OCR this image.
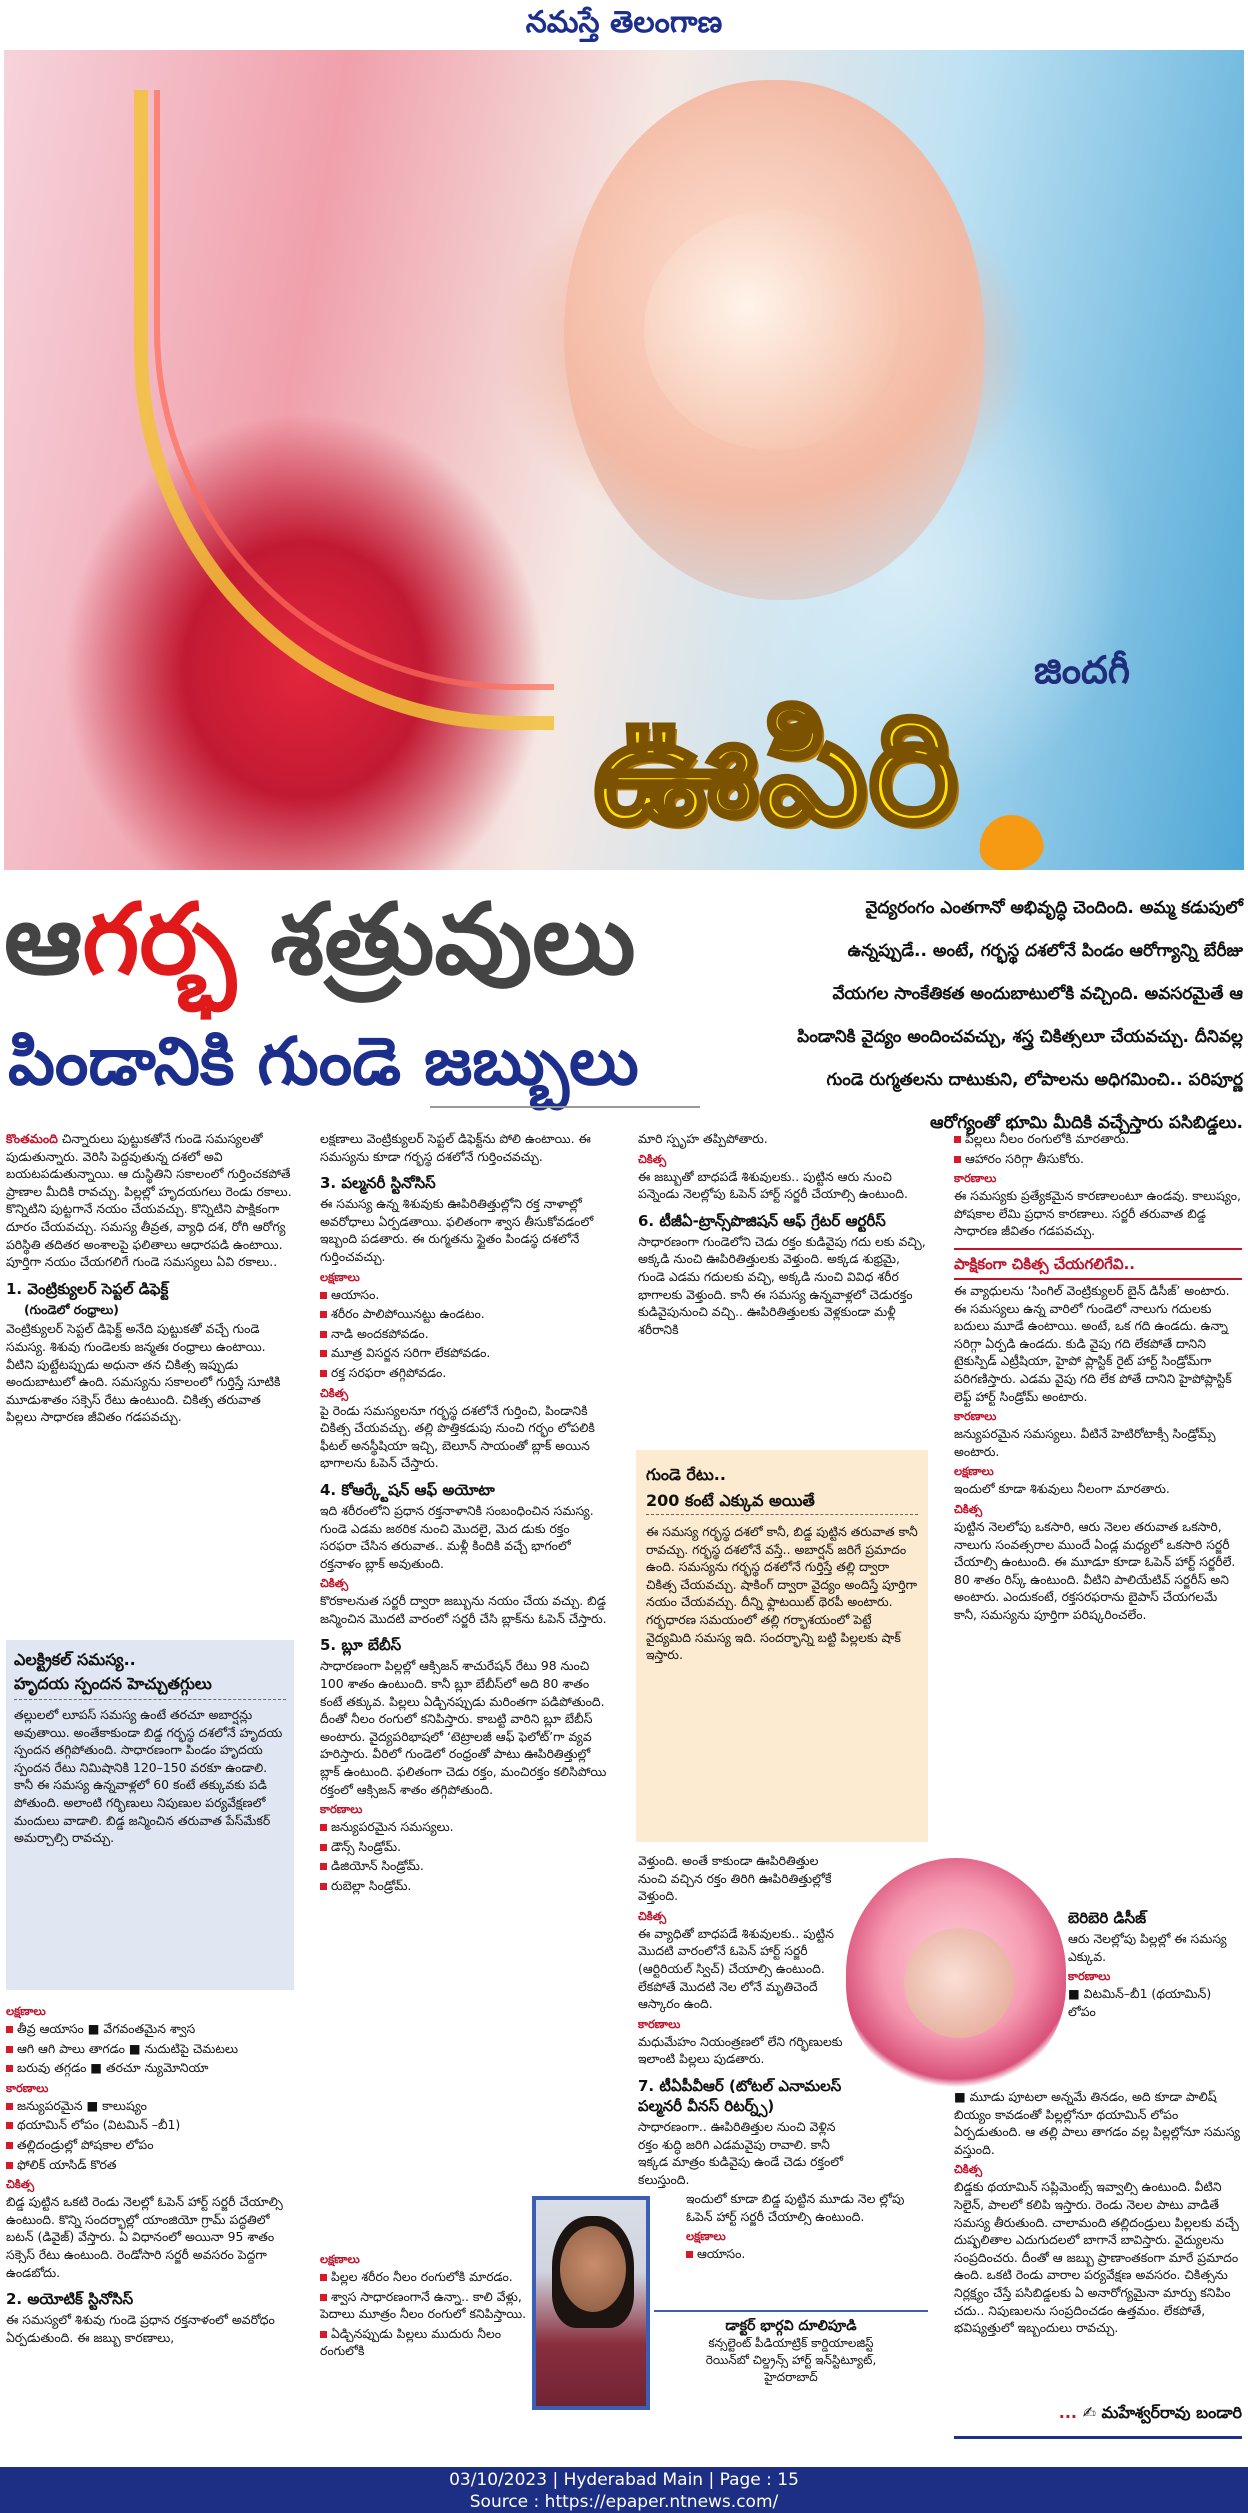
నమస్తే తెలంగాణ
జిందగీ
ఊపిరి
ఆగర్భ శత్రువులు
పిండానికి గుండె జబ్బులు
వైద్యరంగం ఎంతగానో అభివృద్ధి చెందింది. అమ్మ కడుపులో
ఉన్నప్పుడే.. అంటే, గర్భస్థ దశలోనే పిండం ఆరోగ్యాన్ని బేరీజు
వేయగల సాంకేతికత అందుబాటులోకి వచ్చింది. అవసరమైతే ఆ
పిండానికి వైద్యం అందించవచ్చు, శస్త్ర చికిత్సలూ చేయవచ్చు. దీనివల్ల
గుండె రుగ్మతలను దాటుకుని, లోపాలను అధిగమించి.. పరిపూర్ణ
ఆరోగ్యంతో భూమి మీదికి వచ్చేస్తారు పసిబిడ్డలు.

కొంతమంది చిన్నారులు పుట్టుకతోనే గుండె సమస్యలతో పుడుతున్నారు. వెరిసి పెద్దవుతున్న దశలో అవి బయటపడుతున్నాయి. ఆ దుస్థితిని సకాలంలో గుర్తించకపోతే ప్రాణాల మీదికి రావచ్చు. పిల్లల్లో హృదయగలు రెండు రకాలు. కొన్నిటిని పుట్టగానే నయం చేయవచ్చు. కొన్నిటిని పాక్షికంగా దూరం చేయవచ్చు. సమస్య తీవ్రత, వ్యాధి దశ, రోగి ఆరోగ్య పరిస్థితి తదితర అంశాలపై ఫలితాలు ఆధారపడి ఉంటాయి. పూర్తిగా నయం చేయగలిగే గుండె సమస్యలు ఏవి రకాలు..

1. వెంట్రిక్యులర్ సెప్టల్ డిఫెక్ట్

(గుండెలో రంధ్రాలు)

వెంట్రిక్యులర్ సెప్టల్ డిఫెక్ట్ అనేది పుట్టుకతో వచ్చే గుండె సమస్య. శిశువు గుండెలకు జన్మతః రంధ్రాలు ఉంటాయి. వీటిని పుట్టేటప్పుడు అధునా తన చికిత్స ఇప్పుడు అందుబాటులో ఉంది. సమస్యను సకాలంలో గుర్తిస్తే సూటికి మూడుశాతం సక్సెస్ రేటు ఉంటుంది. చికిత్స తరువాత పిల్లలు సాధారణ జీవితం గడపవచ్చు.

ఎలక్ట్రికల్ సమస్య..
హృదయ స్పందన హెచ్చుతగ్గులు

తల్లులలో లూపస్ సమస్య ఉంటే తరచూ అబార్షన్లు అవుతాయి. అంతేకాకుండా బిడ్డ గర్భస్థ దశలోనే హృదయ స్పందన తగ్గిపోతుంది. సాధారణంగా పిండం హృదయ స్పందన రేటు నిమిషానికి 120–150 వరకూ ఉండాలి. కానీ ఈ సమస్య ఉన్నవాళ్లలో 60 కంటే తక్కువకు పడి పోతుంది. అలాంటి గర్భిణులు నిపుణుల పర్యవేక్షణలో మందులు వాడాలి. బిడ్డ జన్మించిన తరువాత పేస్‌మేకర్ అమర్చాల్సి రావచ్చు.

లక్షణాలు

తీవ్ర ఆయాసం ■ వేగవంతమైన శ్వాస

ఆగి ఆగి పాలు తాగడం ■ నుదుటిపై చెమటలు

బరువు తగ్గడం ■ తరచూ న్యుమోనియా

కారణాలు

జన్యుపరమైన ■ కాలుష్యం

థయామిన్ లోపం (విటమిన్ –బీ1)

తల్లిదండ్రుల్లో పోషకాల లోపం

ఫోలిక్ యాసిడ్ కొరత

చికిత్స

బిడ్డ పుట్టిన ఒకటి రెండు నెలల్లో ఓపెన్ హార్ట్ సర్జరీ చేయాల్సి ఉంటుంది. కొన్ని సందర్భాల్లో యాంజియో గ్రామ్ పద్ధతిలో బటన్ (డివైజ్) వేస్తారు. ఏ విధానంలో అయినా 95 శాతం సక్సెస్ రేటు ఉంటుంది. రెండోసారి సర్జరీ అవసరం పెద్దగా ఉండబోదు.

2. అయోటిక్ స్టినోసిస్

ఈ సమస్యలో శిశువు గుండె ప్రధాన రక్తనాళంలో అవరోధం ఏర్పడుతుంది. ఈ జబ్బు కారణాలు,

లక్షణాలు వెంట్రిక్యులర్ సెప్టల్ డిఫెక్ట్‌ను పోలి ఉంటాయి. ఈ సమస్యను కూడా గర్భస్థ దశలోనే గుర్తించవచ్చు.

3. పల్మనరీ స్టినోసిస్

ఈ సమస్య ఉన్న శిశువుకు ఊపిరితిత్తుల్లోని రక్త నాళాల్లో అవరోధాలు ఏర్పడతాయి. ఫలితంగా శ్వాస తీసుకోవడంలో ఇబ్బంది పడతారు. ఈ రుగ్మతను స్టైతం పిండస్థ దశలోనే గుర్తించవచ్చు.

లక్షణాలు

ఆయాసం.

శరీరం పాలిపోయినట్టు ఉండటం.

నాడి అందకపోవడం.

మూత్ర విసర్జన సరిగా లేకపోవడం.

రక్త సరఫరా తగ్గిపోవడం.

చికిత్స

పై రెండు సమస్యలనూ గర్భస్థ దశలోనే గుర్తించి, పిండానికి చికిత్స చేయవచ్చు. తల్లి పొత్తికడుపు నుంచి గర్భం లోపలికి ఫీటల్ అనస్థీషియా ఇచ్చి, బెలూన్ సాయంతో బ్లాక్ అయిన భాగాలను ఓపెన్ చేస్తారు.

4. కోఆర్క్టేషన్ ఆఫ్ అయోటా

ఇది శరీరంలోని ప్రధాన రక్తనాళానికి సంబంధించిన సమస్య. గుండె ఎడమ జఠరిక నుంచి మొదలై, మెద డుకు రక్తం సరఫరా చేసిన తరువాత.. మళ్లీ కిందికి వచ్చే భాగంలో రక్తనాళం బ్లాక్ అవుతుంది.

చికిత్స

కొరకాలనుత సర్జరీ ద్వారా జబ్బును నయం చేయ వచ్చు. బిడ్డ జన్మించిన మొదటి వారంలో సర్జరీ చేసి బ్లాక్‌ను ఓపెన్ చేస్తారు.

5. బ్లూ బేబీస్

సాధారణంగా పిల్లల్లో ఆక్సిజన్ శాచురేషన్ రేటు 98 నుంచి 100 శాతం ఉంటుంది. కానీ బ్లూ బేబీస్‌లో అది 80 శాతం కంటే తక్కువ. పిల్లలు ఏడ్చినప్పుడు మరింతగా పడిపోతుంది. దీంతో నీలం రంగులో కనిపిస్తారు. కాబట్టి వారిని బ్లూ బేబీస్ అంటారు. వైద్యపరిభాషలో ‘టెట్రాలజీ ఆఫ్ ఫెలోట్’గా వ్యవ హరిస్తారు. వీరిలో గుండెలో రంధ్రంతో పాటు ఊపిరితిత్తుల్లో బ్లాక్ ఉంటుంది. ఫలితంగా చెడు రక్తం, మంచిరక్తం కలిసిపోయి రక్తంలో ఆక్సిజన్ శాతం తగ్గిపోతుంది.

కారణాలు

జన్యుపరమైన సమస్యలు.

డౌన్స్ సిండ్రోమ్.

డిజియోన్ సిండ్రోమ్.

రుబెల్లా సిండ్రోమ్.

లక్షణాలు

పిల్లల శరీరం నీలం రంగులోకి మారడం.

శ్వాస సాధారణంగానే ఉన్నా.. కాలి వేళ్లు, పెదాలు మూత్రం నీలం రంగులో కనిపిస్తాయి.

ఏడ్చినప్పుడు పిల్లలు ముదురు నీలం రంగులోకి

మారి స్పృహ తప్పిపోతారు.

చికిత్స

ఈ జబ్బుతో బాధపడే శిశువులకు.. పుట్టిన ఆరు నుంచి పన్నెండు నెలల్లోపు ఓపెన్ హార్ట్ సర్జరీ చేయాల్సి ఉంటుంది.

6. టీజీఏ-ట్రాన్స్‌పొజిషన్ ఆఫ్ గ్రేటర్ ఆర్టరీస్

సాధారణంగా గుండెలోని చెడు రక్తం కుడివైపు గదు లకు వచ్చి, అక్కడి నుంచి ఊపిరితిత్తులకు వెళ్తుంది. అక్కడ శుభ్రమై, గుండె ఎడమ గదులకు వచ్చి, అక్కడి నుంచి వివిధ శరీర భాగాలకు వెళ్తుంది. కానీ ఈ సమస్య ఉన్నవాళ్లలో చెడురక్తం కుడివైపునుంచి వచ్చి.. ఊపిరితిత్తులకు వెళ్లకుండా మళ్లీ శరీరానికి

గుండె రేటు..
200 కంటే ఎక్కువ అయితే

ఈ సమస్య గర్భస్థ దశలో కానీ, బిడ్డ పుట్టిన తరువాత కానీ రావచ్చు. గర్భస్థ దశలోనే వస్తే.. అబార్షన్ జరిగే ప్రమాదం ఉంది. సమస్యను గర్భస్థ దశలోనే గుర్తిస్తే తల్లి ద్వారా చికిత్స చేయవచ్చు. షాకింగ్ ద్వారా వైద్యం అందిస్తే పూర్తిగా నయం చేయవచ్చు. దీన్ని ఫ్లాటయిట్ థెరపీ అంటారు. గర్భధారణ సమయంలో తల్లి గర్భాశయంలో పెట్టే వైద్యమిది సమస్య ఇది. సందర్భాన్ని బట్టి పిల్లలకు షాక్ ఇస్తారు.

వెళ్తుంది. అంతే కాకుండా ఊపిరితిత్తుల నుంచి వచ్చిన రక్తం తిరిగి ఊపిరితిత్తుల్లోకే వెళ్తుంది.

చికిత్స

ఈ వ్యాధితో బాధపడే శిశువులకు.. పుట్టిన మొదటి వారంలోనే ఓపెన్ హార్ట్ సర్జరీ (ఆర్టిరియల్ స్విచ్) చేయాల్సి ఉంటుంది. లేకపోతే మొదటి నెల లోనే మృతిచెందే ఆస్కారం ఉంది.

కారణాలు

మధుమేహం నియంత్రణలో లేని గర్భిణులకు ఇలాంటి పిల్లలు పుడతారు.

7. టీఏపీవీఆర్ (టోటల్ ఎనామలస్ పల్మనరీ వీనస్ రిటర్న్స్)

సాధారణంగా.. ఊపిరితిత్తుల నుంచి వెళ్లిన రక్తం శుద్ధి జరిగి ఎడమవైపు రావాలి. కానీ ఇక్కడ మాత్రం కుడివైపు ఉండే చెడు రక్తంలో కలుస్తుంది.

ఇందులో కూడా బిడ్డ పుట్టిన మూడు నెల ల్లోపు ఓపెన్ హార్ట్ సర్జరీ చేయాల్సి ఉంటుంది.

లక్షణాలు

ఆయాసం.

డాక్టర్ భార్గవి దూలిపూడి
కన్సల్టెంట్ పీడియాట్రిక్ కార్డియాలజిస్ట్
రెయిన్‌బో చిల్డ్రన్స్ హార్ట్ ఇన్‌స్టిట్యూట్,
హైదరాబాద్

పిల్లలు నీలం రంగులోకి మారతారు.

ఆహారం సరిగ్గా తీసుకోరు.

కారణాలు

ఈ సమస్యకు ప్రత్యేకమైన కారణాలంటూ ఉండవు. కాలుష్యం, పోషకాల లేమి ప్రధాన కారణాలు. సర్జరీ తరువాత బిడ్డ సాధారణ జీవితం గడపవచ్చు.

పాక్షికంగా చికిత్స చేయగలిగేవి..

ఈ వ్యాధులను ‘సింగిల్ వెంట్రిక్యులర్ బైన్ డిసీజ్’ అంటారు. ఈ సమస్యలు ఉన్న వారిలో గుండెలో నాలుగు గదులకు బదులు మూడే ఉంటాయి. అంటే, ఒక గది ఉండదు. ఉన్నా సరిగ్గా ఏర్పడి ఉండదు. కుడి వైపు గది లేకపోతే దానిని టైకుస్పిడ్ ఎట్రీషియా, హైపో ప్లాస్టిక్ రైట్ హార్ట్ సిండ్రోమ్‌గా పరిగణిస్తారు. ఎడమ వైపు గది లేక పోతే దానిని హైపోప్లాస్టిక్ లెఫ్ట్ హార్ట్ సిండ్రోమ్ అంటారు.

కారణాలు

జన్యుపరమైన సమస్యలు. వీటినే హెటిరోటాక్సీ సిండ్రోమ్స్ అంటారు.

లక్షణాలు

ఇందులో కూడా శిశువులు నీలంగా మారతారు.

చికిత్స

పుట్టిన నెలలోపు ఒకసారి, ఆరు నెలల తరువాత ఒకసారి, నాలుగు సంవత్సరాల ముందే ఏండ్ల మధ్యలో ఒకసారి సర్జరీ చేయాల్సి ఉంటుంది. ఈ మూడూ కూడా ఓపెన్ హార్ట్ సర్జరీలే. 80 శాతం రిస్క్ ఉంటుంది. వీటిని పాలియేటివ్ సర్జరీస్ అని అంటారు. ఎందుకంటే, రక్తసరఫరాను బైపాస్ చేయగలమే కానీ, సమస్యను పూర్తిగా పరిష్కరించలేం.

బెరిబెరి డిసీజ్

ఆరు నెలల్లోపు పిల్లల్లో ఈ సమస్య ఎక్కువ.

కారణాలు

■ విటమిన్–బీ1 (థయామిన్) లోపం

■ మూడు పూటలా అన్నమే తినడం, అది కూడా పాలిష్ బియ్యం కావడంతో పిల్లల్లోనూ థయామిన్ లోపం ఏర్పడుతుంది. ఆ తల్లి పాలు తాగడం వల్ల పిల్లల్లోనూ సమస్య వస్తుంది.

చికిత్స

బిడ్డకు థయామిన్ సప్లిమెంట్స్ ఇవ్వాల్సి ఉంటుంది. వీటిని సెలైన్, పాలలో కలిపి ఇస్తారు. రెండు నెలల పాటు వాడితే సమస్య తీరుతుంది. చాలామంది తల్లిదండ్రులు పిల్లలకు వచ్చే దుష్ఫలితాల ఎదుగుదలలో బాగానే బావిస్తారు. వైద్యులను సంప్రదించరు. దీంతో ఆ జబ్బు ప్రాణాంతకంగా మారే ప్రమాదం ఉంది. ఒకటి రెండు వారాల పర్యవేక్షణ అవసరం. చికిత్సను నిర్లక్ష్యం చేస్తే పసిబిడ్డలకు ఏ అనారోగ్యమైనా మార్పు కనిపిం చదు.. నిపుణులను సంప్రదించడం ఉత్తమం. లేకపోతే, భవిష్యత్తులో ఇబ్బందులు రావచ్చు.

... ✍ మహేశ్వర్‌రావు బండారి
03/10/2023 | Hyderabad Main | Page : 15
Source : https://epaper.ntnews.com/
